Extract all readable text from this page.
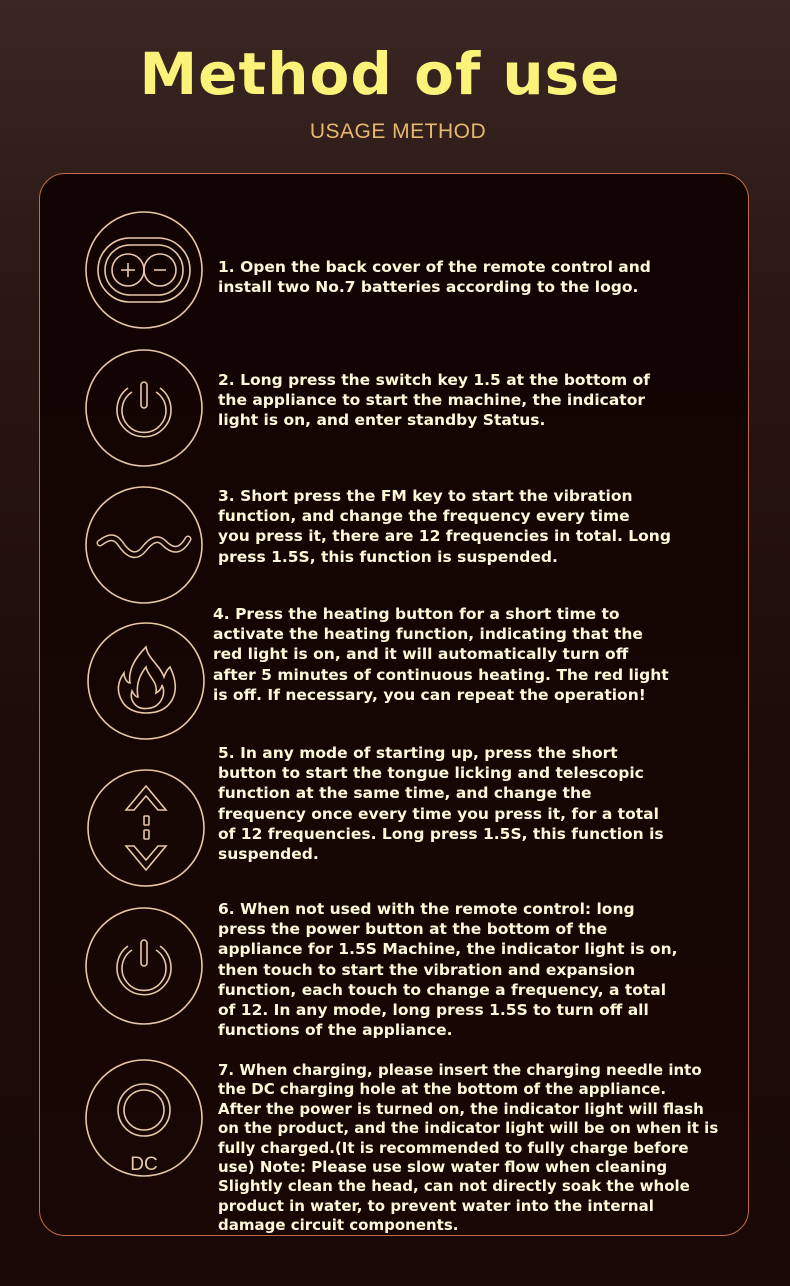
Method of use
USAGE METHOD

1. Open the back cover of the remote control and
install two No.7 batteries according to the logo.

2. Long press the switch key 1.5 at the bottom of
the appliance to start the machine, the indicator
light is on, and enter standby Status.

3. Short press the FM key to start the vibration
function, and change the frequency every time
you press it, there are 12 frequencies in total. Long
press 1.5S, this function is suspended.

4. Press the heating button for a short time to
activate the heating function, indicating that the
red light is on, and it will automatically turn off
after 5 minutes of continuous heating. The red light
is off. If necessary, you can repeat the operation!

5. In any mode of starting up, press the short
button to start the tongue licking and telescopic
function at the same time, and change the
frequency once every time you press it, for a total
of 12 frequencies. Long press 1.5S, this function is
suspended.

6. When not used with the remote control: long
press the power button at the bottom of the
appliance for 1.5S Machine, the indicator light is on,
then touch to start the vibration and expansion
function, each touch to change a frequency, a total
of 12. In any mode, long press 1.5S to turn off all
functions of the appliance.

DC

7. When charging, please insert the charging needle into
the DC charging hole at the bottom of the appliance.
After the power is turned on, the indicator light will flash
on the product, and the indicator light will be on when it is
fully charged.(It is recommended to fully charge before
use) Note: Please use slow water flow when cleaning
Slightly clean the head, can not directly soak the whole
product in water, to prevent water into the internal
damage circuit components.
